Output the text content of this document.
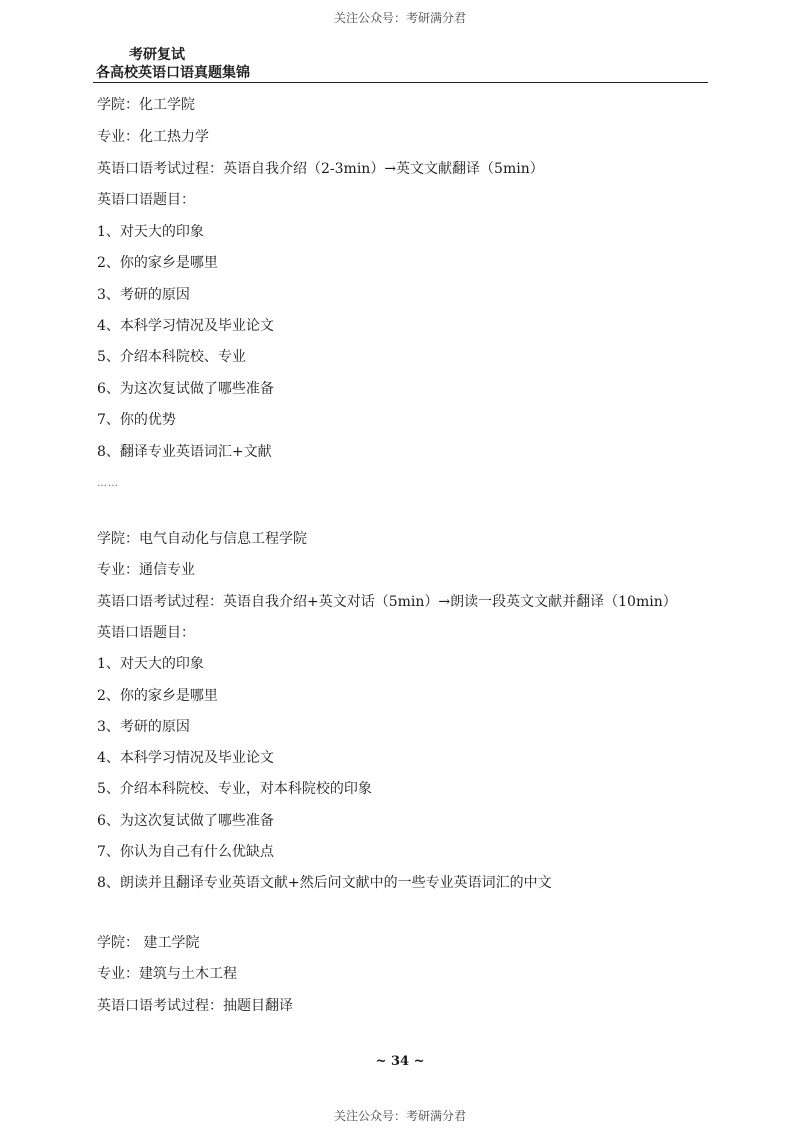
关注公众号：考研满分君
考研复试
各高校英语口语真题集锦
学院：化工学院
专业：化工热力学
英语口语考试过程：英语自我介绍（2-3min）→英文文献翻译（5min）
英语口语题目：
1、对天大的印象
2、你的家乡是哪里
3、考研的原因
4、本科学习情况及毕业论文
5、介绍本科院校、专业
6、为这次复试做了哪些准备
7、你的优势
8、翻译专业英语词汇+文献
……
学院：电气自动化与信息工程学院
专业：通信专业
英语口语考试过程：英语自我介绍+英文对话（5min）→朗读一段英文文献并翻译（10min）
英语口语题目：
1、对天大的印象
2、你的家乡是哪里
3、考研的原因
4、本科学习情况及毕业论文
5、介绍本科院校、专业，对本科院校的印象
6、为这次复试做了哪些准备
7、你认为自己有什么优缺点
8、朗读并且翻译专业英语文献+然后问文献中的一些专业英语词汇的中文
学院： 建工学院
专业：建筑与土木工程
英语口语考试过程：抽题目翻译
~ 34 ~
关注公众号：考研满分君
